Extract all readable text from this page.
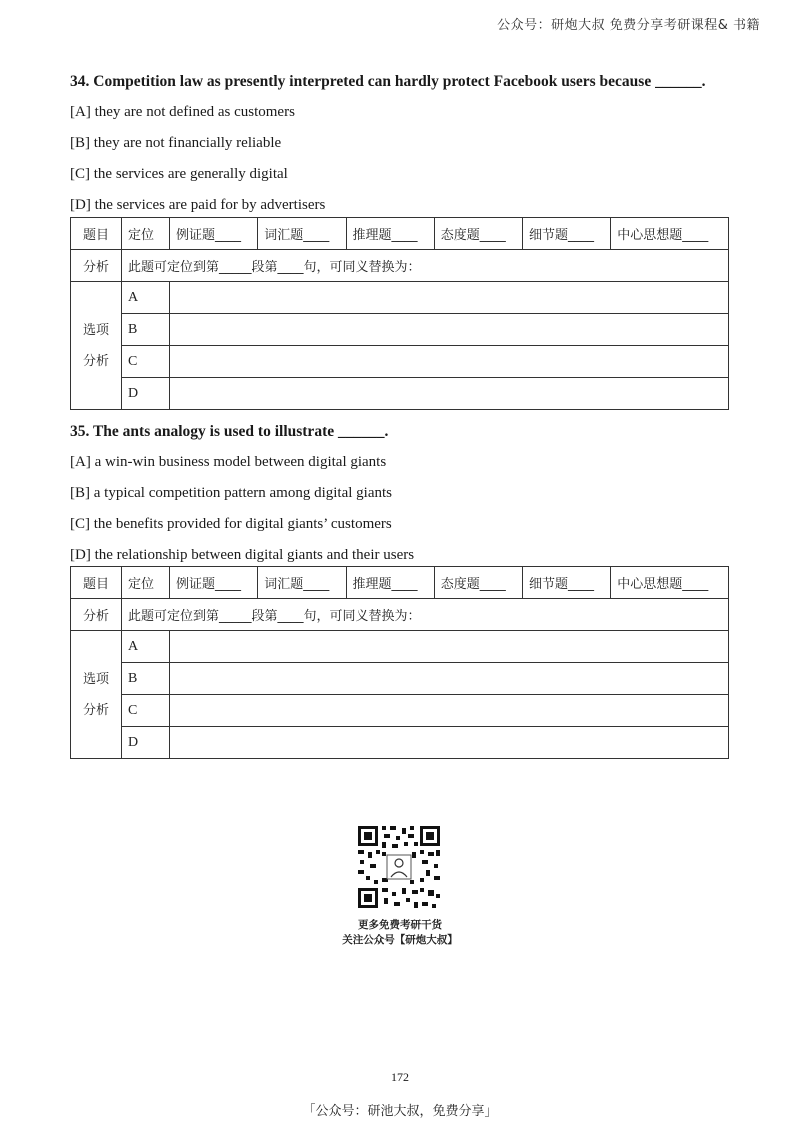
公众号：研炮大叔 免费分享考研课程& 书籍

34. Competition law as presently interpreted can hardly protect Facebook users because ______.

[A] they are not defined as customers

[B] they are not financially reliable

[C] the services are generally digital

[D] the services are paid for by advertisers

题目	定位	例证题____	词汇题____	推理题____	态度题____	细节题____	中心思想题____
分析	此题可定位到第_____段第____句，可同义替换为：						

选项
分析	A						
	B						
	C						
	D						

35. The ants analogy is used to illustrate ______.

[A] a win-win business model between digital giants

[B] a typical competition pattern among digital giants

[C] the benefits provided for digital giants’ customers

[D] the relationship between digital giants and their users

题目	定位	例证题____	词汇题____	推理题____	态度题____	细节题____	中心思想题____
分析	此题可定位到第_____段第____句，可同义替换为：						

选项
分析	A						
	B						
	C						
	D						
更多免费考研干货
关注公众号【研炮大叔】
172
「公众号：研池大叔，免费分享」
